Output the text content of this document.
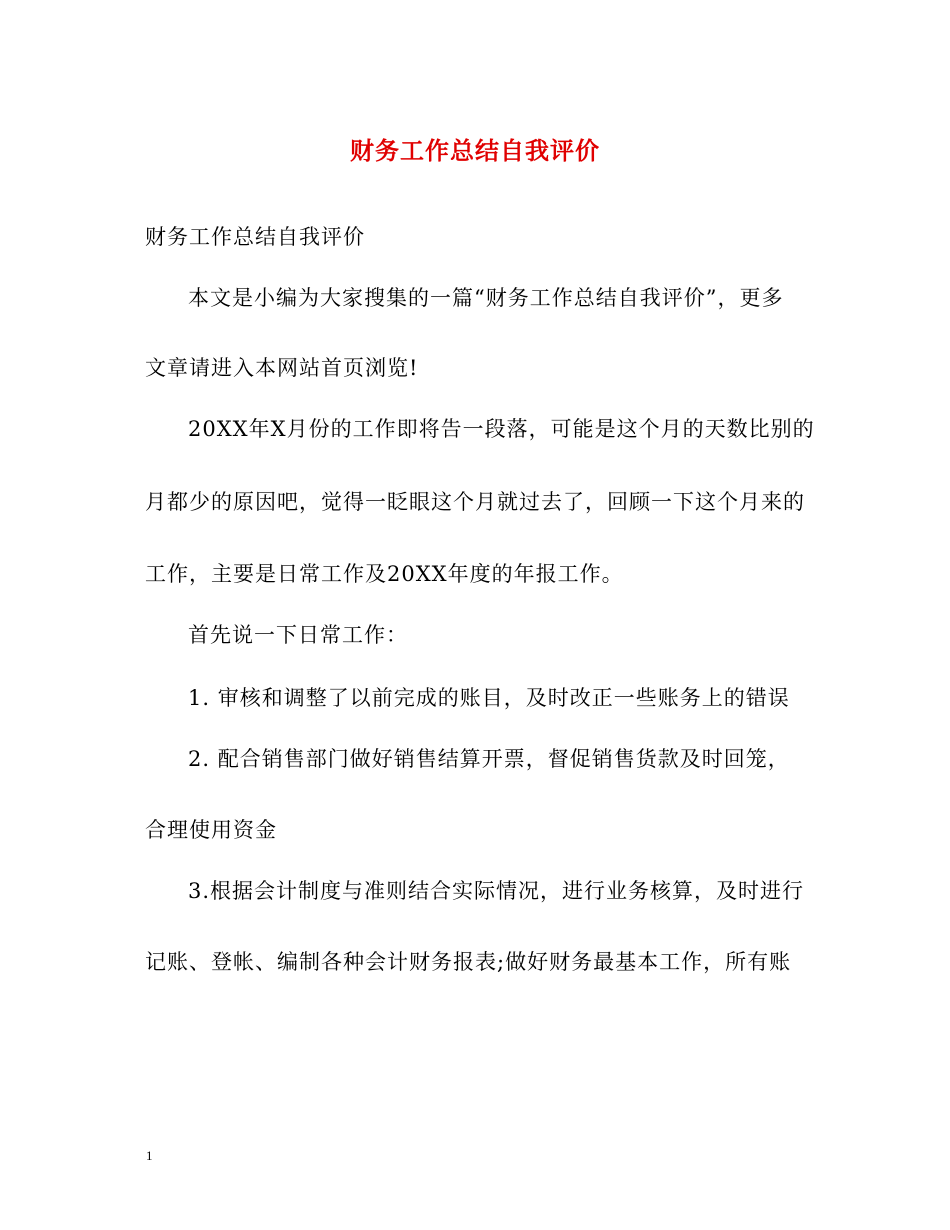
财务工作总结自我评价
财务工作总结自我评价
本文是小编为大家搜集的一篇“财务工作总结自我评价”，更多
文章请进入本网站首页浏览!
20XX年X月份的工作即将告一段落，可能是这个月的天数比别的
月都少的原因吧，觉得一眨眼这个月就过去了，回顾一下这个月来的
工作，主要是日常工作及20XX年度的年报工作。
首先说一下日常工作：
1. 审核和调整了以前完成的账目，及时改正一些账务上的错误
2. 配合销售部门做好销售结算开票，督促销售货款及时回笼，
合理使用资金
3.根据会计制度与准则结合实际情况，进行业务核算，及时进行
记账、登帐、编制各种会计财务报表;做好财务最基本工作，所有账
1
